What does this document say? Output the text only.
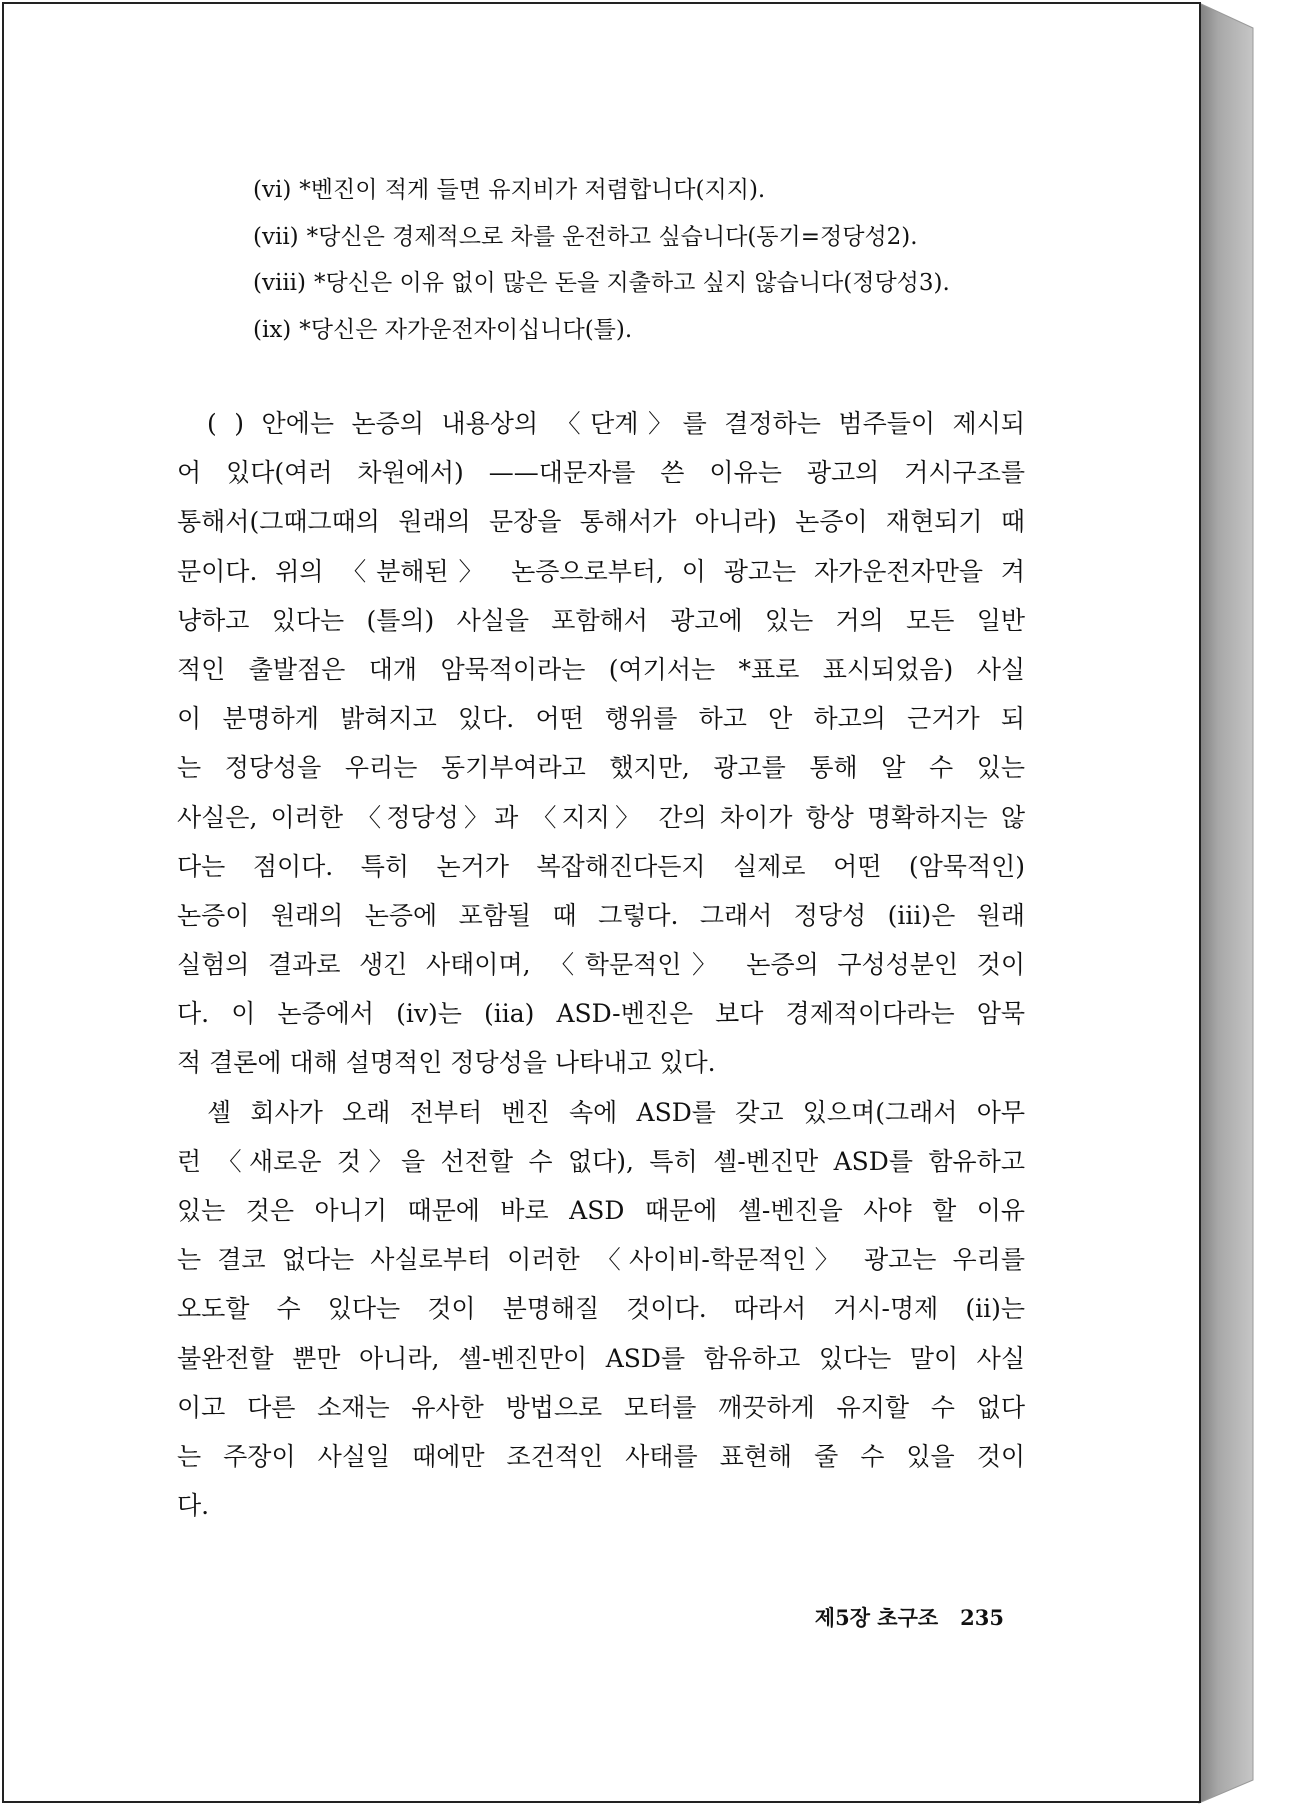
(vi) *벤진이 적게 들면 유지비가 저렴합니다(지지).
(vii) *당신은 경제적으로 차를 운전하고 싶습니다(동기=정당성2).
(viii) *당신은 이유 없이 많은 돈을 지출하고 싶지 않습니다(정당성3).
(ix) *당신은 자가운전자이십니다(틀).
( ) 안에는 논증의 내용상의 〈단계〉를 결정하는 범주들이 제시되
어 있다(여러 차원에서) ——대문자를 쓴 이유는 광고의 거시구조를
통해서(그때그때의 원래의 문장을 통해서가 아니라) 논증이 재현되기 때
문이다. 위의 〈분해된〉 논증으로부터, 이 광고는 자가운전자만을 겨
냥하고 있다는 (틀의) 사실을 포함해서 광고에 있는 거의 모든 일반
적인 출발점은 대개 암묵적이라는 (여기서는 *표로 표시되었음) 사실
이 분명하게 밝혀지고 있다. 어떤 행위를 하고 안 하고의 근거가 되
는 정당성을 우리는 동기부여라고 했지만, 광고를 통해 알 수 있는
사실은, 이러한 〈정당성〉과 〈지지〉 간의 차이가 항상 명확하지는 않
다는 점이다. 특히 논거가 복잡해진다든지 실제로 어떤 (암묵적인)
논증이 원래의 논증에 포함될 때 그렇다. 그래서 정당성 (iii)은 원래
실험의 결과로 생긴 사태이며, 〈학문적인〉 논증의 구성성분인 것이
다. 이 논증에서 (iv)는 (iia) ASD-벤진은 보다 경제적이다라는 암묵
적 결론에 대해 설명적인 정당성을 나타내고 있다.
셸 회사가 오래 전부터 벤진 속에 ASD를 갖고 있으며(그래서 아무
런 〈새로운 것〉을 선전할 수 없다), 특히 셸-벤진만 ASD를 함유하고
있는 것은 아니기 때문에 바로 ASD 때문에 셸-벤진을 사야 할 이유
는 결코 없다는 사실로부터 이러한 〈사이비-학문적인〉 광고는 우리를
오도할 수 있다는 것이 분명해질 것이다. 따라서 거시-명제 (ii)는
불완전할 뿐만 아니라, 셸-벤진만이 ASD를 함유하고 있다는 말이 사실
이고 다른 소재는 유사한 방법으로 모터를 깨끗하게 유지할 수 없다
는 주장이 사실일 때에만 조건적인 사태를 표현해 줄 수 있을 것이
다.
제5장 초구조 235
